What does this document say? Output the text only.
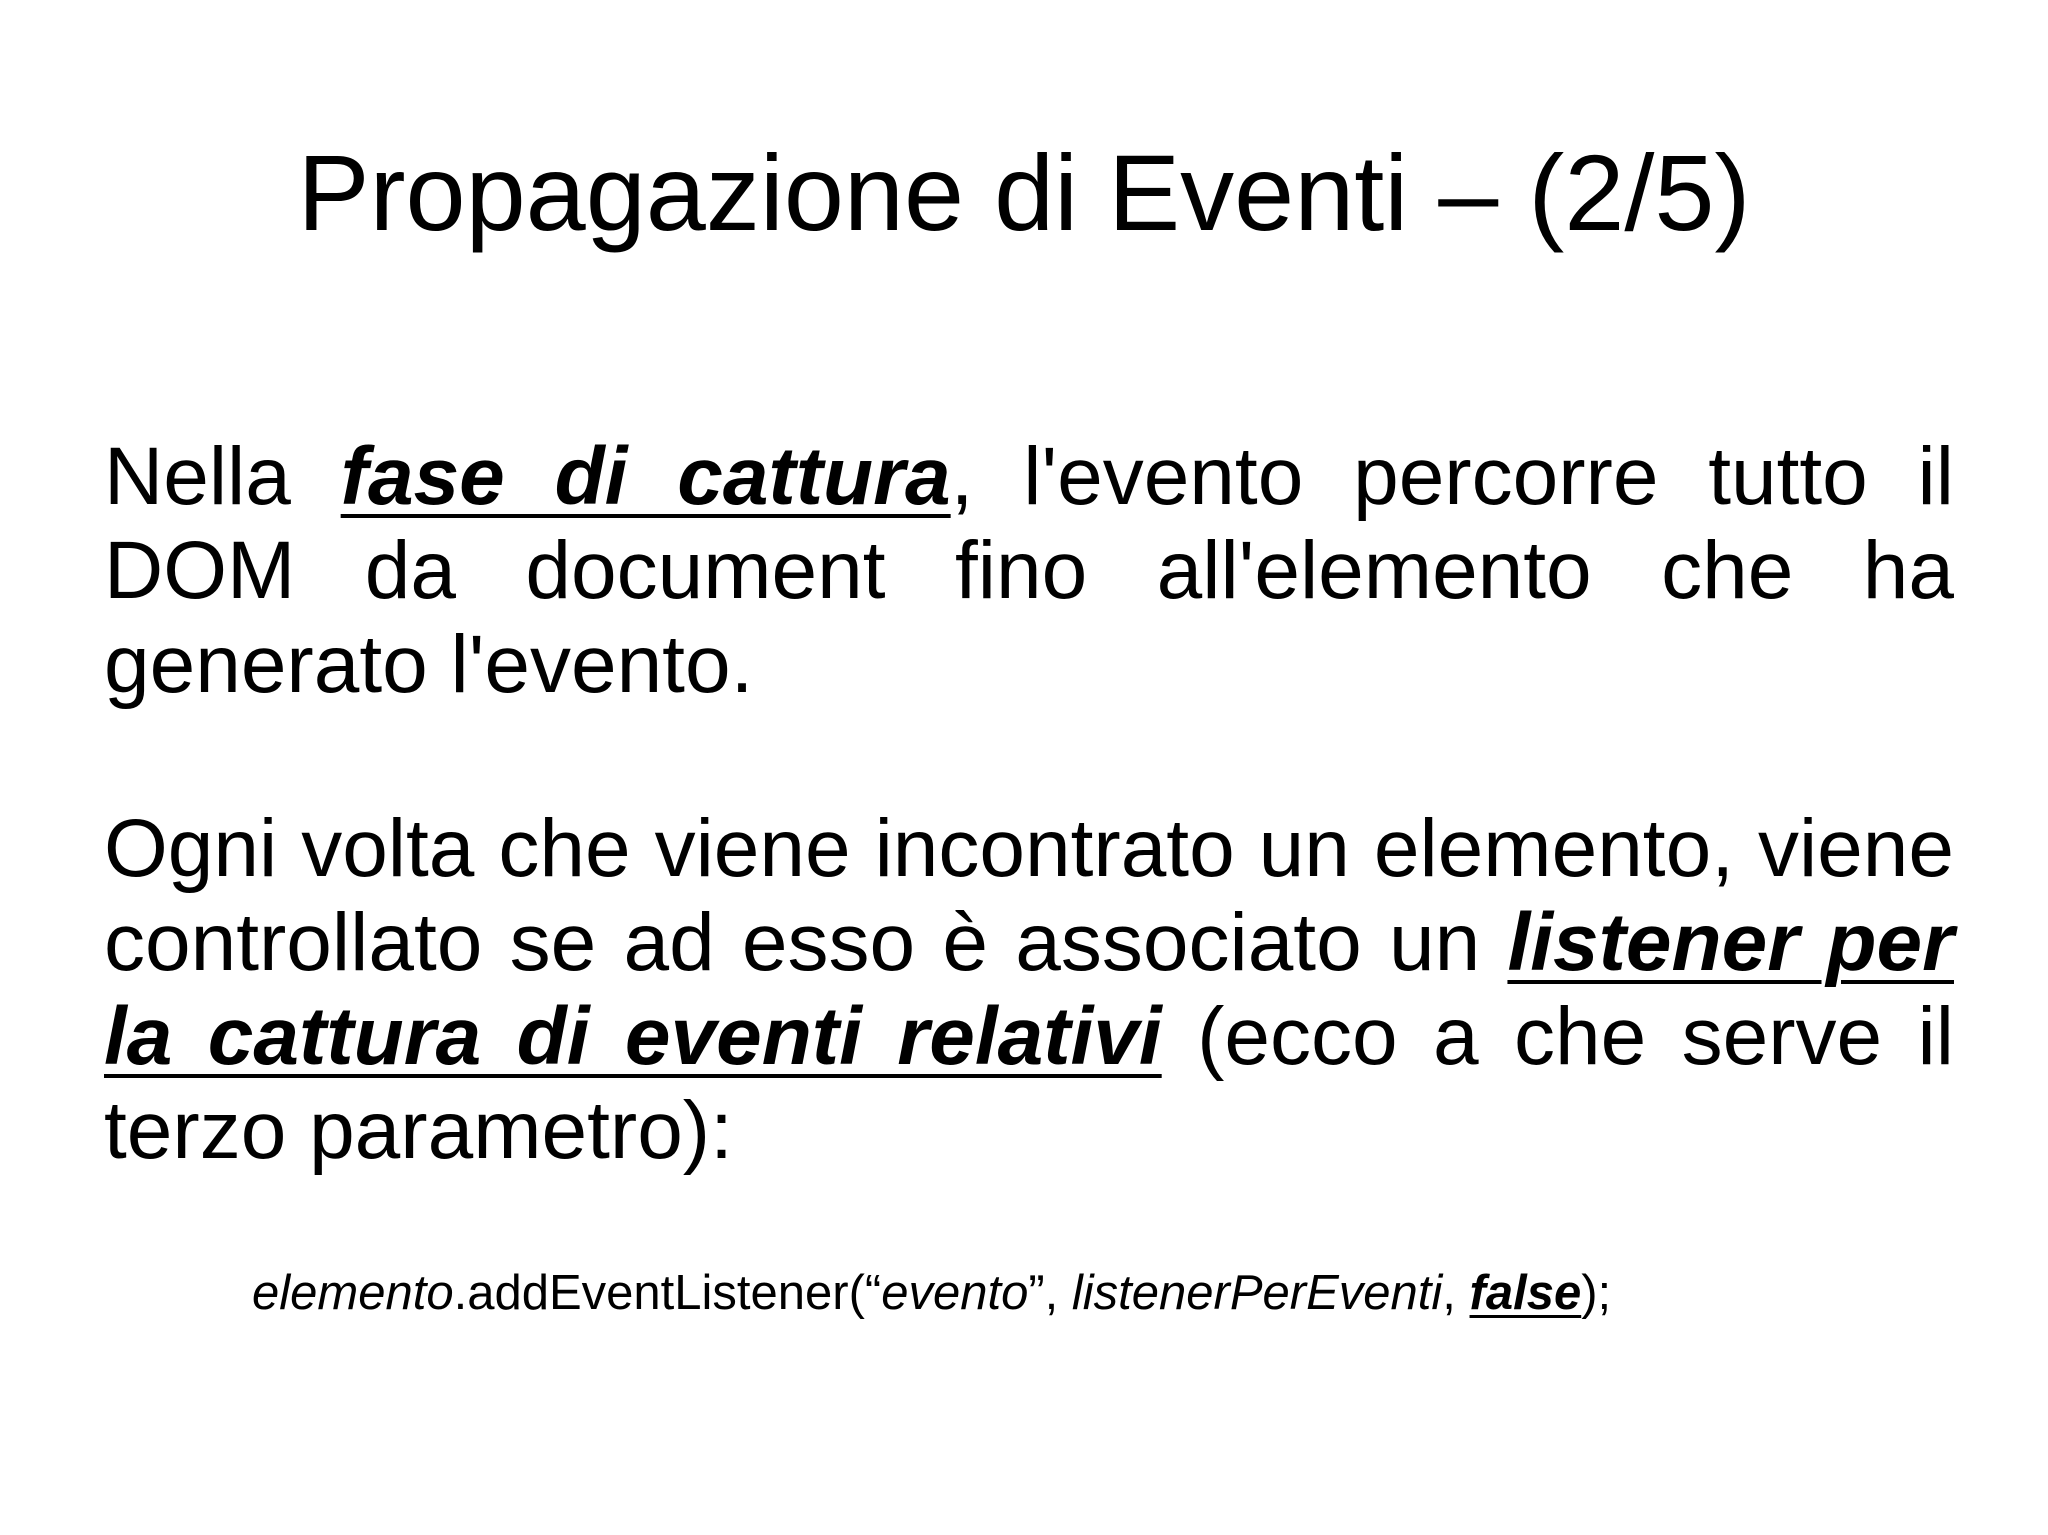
Propagazione di Eventi – (2/5)

Nella fase di cattura, l'evento percorre tutto il DOM da document fino all'elemento che ha generato l'evento.

Ogni volta che viene incontrato un elemento, viene controllato se ad esso è associato un listener per la cattura di eventi relativi (ecco a che serve il terzo parametro):

elemento.addEventListener(“evento”, listenerPerEventi, false);
